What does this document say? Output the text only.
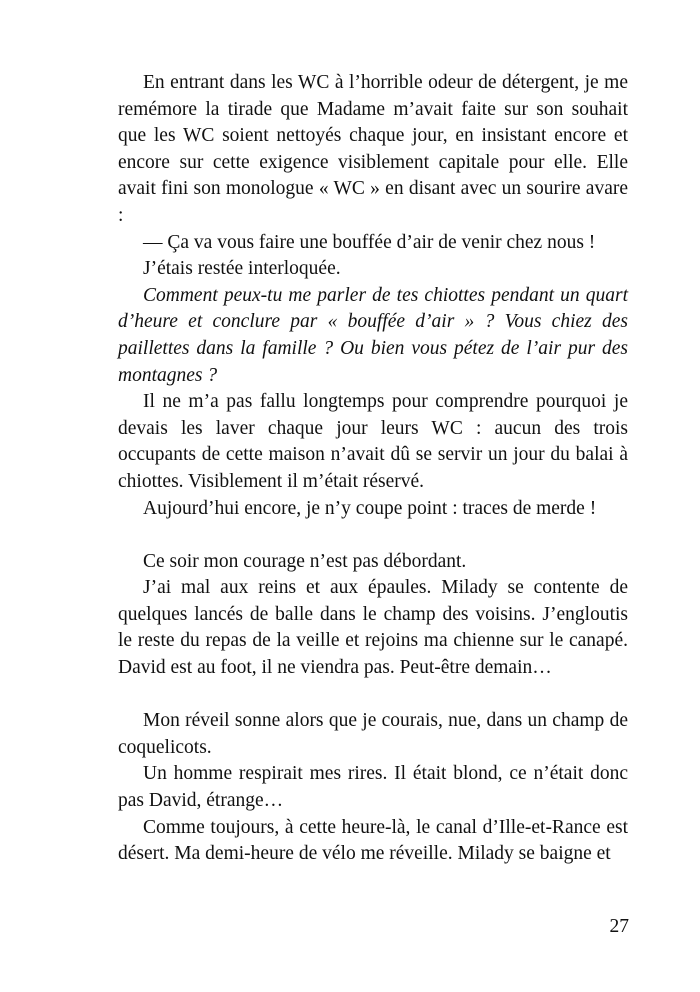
En entrant dans les WC à l’horrible odeur de détergent, je me remémore la tirade que Madame m’avait faite sur son souhait que les WC soient nettoyés chaque jour, en insistant encore et encore sur cette exigence visiblement capitale pour elle. Elle avait fini son monologue « WC » en disant avec un sourire avare :

— Ça va vous faire une bouffée d’air de venir chez nous !

J’étais restée interloquée.

Comment peux-tu me parler de tes chiottes pendant un quart d’heure et conclure par « bouffée d’air » ? Vous chiez des paillettes dans la famille ? Ou bien vous pétez de l’air pur des montagnes ?

Il ne m’a pas fallu longtemps pour comprendre pourquoi je devais les laver chaque jour leurs WC : aucun des trois occupants de cette maison n’avait dû se servir un jour du balai à chiottes. Visiblement il m’était réservé.

Aujourd’hui encore, je n’y coupe point : traces de merde !

Ce soir mon courage n’est pas débordant.

J’ai mal aux reins et aux épaules. Milady se contente de quelques lancés de balle dans le champ des voisins. J’engloutis le reste du repas de la veille et rejoins ma chienne sur le canapé. David est au foot, il ne viendra pas. Peut-être demain…

Mon réveil sonne alors que je courais, nue, dans un champ de coquelicots.

Un homme respirait mes rires. Il était blond, ce n’était donc pas David, étrange…

Comme toujours, à cette heure-là, le canal d’Ille-et-Rance est désert. Ma demi-heure de vélo me réveille. Milady se baigne et

27
